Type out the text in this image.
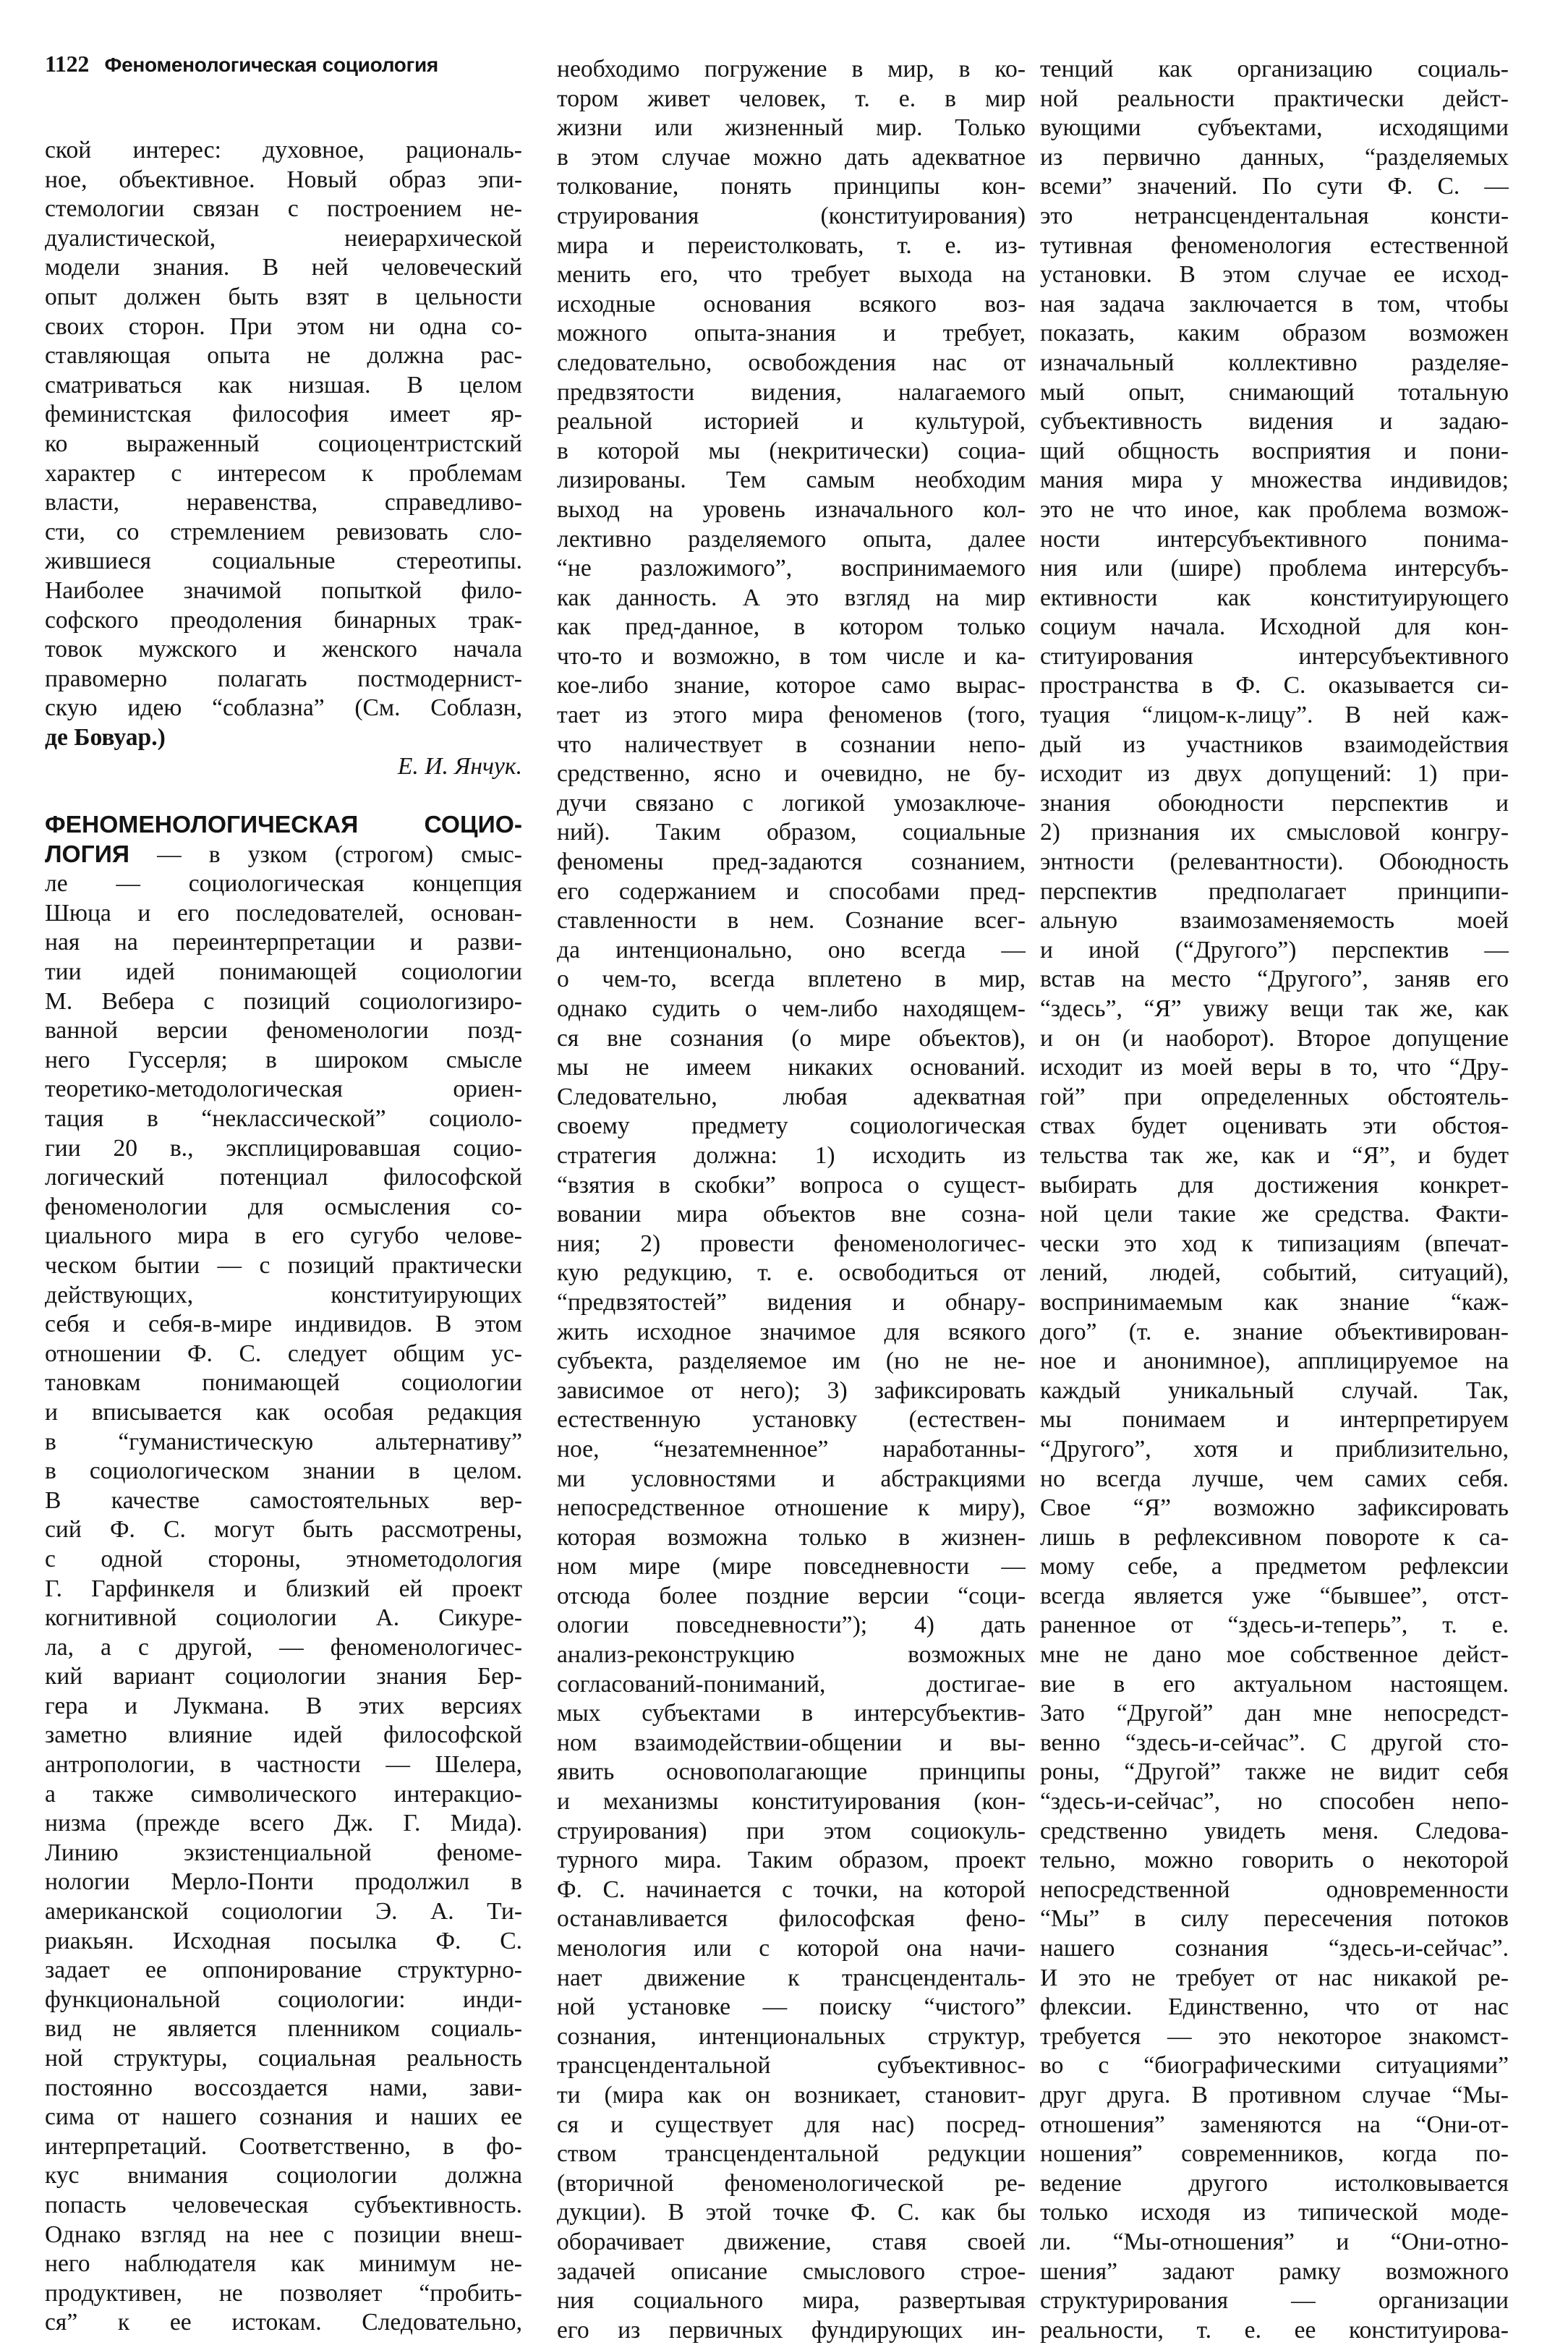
1122 Феноменологическая социология
ской интерес: духовное, рациональ-
ное, объективное. Новый образ эпи-
стемологии связан с построением не-
дуалистической, неиерархической
модели знания. В ней человеческий
опыт должен быть взят в цельности
своих сторон. При этом ни одна со-
ставляющая опыта не должна рас-
сматриваться как низшая. В целом
феминистская философия имеет яр-
ко выраженный социоцентристский
характер с интересом к проблемам
власти, неравенства, справедливо-
сти, со стремлением ревизовать сло-
жившиеся социальные стереотипы.
Наиболее значимой попыткой фило-
софского преодоления бинарных трак-
товок мужского и женского начала
правомерно полагать постмодернист-
скую идею “соблазна” (См. Соблазн,
де Бовуар.)
Е. И. Янчук.
ФЕНОМЕНОЛОГИЧЕСКАЯ СОЦИО-
ЛОГИЯ — в узком (строгом) смыс-
ле — социологическая концепция
Шюца и его последователей, основан-
ная на переинтерпретации и разви-
тии идей понимающей социологии
М. Вебера с позиций социологизиро-
ванной версии феноменологии позд-
него Гуссерля; в широком смысле
теоретико-методологическая ориен-
тация в “неклассической” социоло-
гии 20 в., эксплицировавшая социо-
логический потенциал философской
феноменологии для осмысления со-
циального мира в его сугубо челове-
ческом бытии — с позиций практически
действующих, конституирующих
себя и себя-в-мире индивидов. В этом
отношении Ф. С. следует общим ус-
тановкам понимающей социологии
и вписывается как особая редакция
в “гуманистическую альтернативу”
в социологическом знании в целом.
В качестве самостоятельных вер-
сий Ф. С. могут быть рассмотрены,
с одной стороны, этнометодология
Г. Гарфинкеля и близкий ей проект
когнитивной социологии А. Сикуре-
ла, а с другой, — феноменологичес-
кий вариант социологии знания Бер-
гера и Лукмана. В этих версиях
заметно влияние идей философской
антропологии, в частности — Шелера,
а также символического интеракцио-
низма (прежде всего Дж. Г. Мида).
Линию экзистенциальной феноме-
нологии Мерло-Понти продолжил в
американской социологии Э. А. Ти-
риакьян. Исходная посылка Ф. С.
задает ее оппонирование структурно-
функциональной социологии: инди-
вид не является пленником социаль-
ной структуры, социальная реальность
постоянно воссоздается нами, зави-
сима от нашего сознания и наших ее
интерпретаций. Соответственно, в фо-
кус внимания социологии должна
попасть человеческая субъективность.
Однако взгляд на нее с позиции внеш-
него наблюдателя как минимум не-
продуктивен, не позволяет “пробить-
ся” к ее истокам. Следовательно,
необходимо погружение в мир, в ко-
тором живет человек, т. е. в мир
жизни или жизненный мир. Только
в этом случае можно дать адекватное
толкование, понять принципы кон-
струирования (конституирования)
мира и переистолковать, т. е. из-
менить его, что требует выхода на
исходные основания всякого воз-
можного опыта-знания и требует,
следовательно, освобождения нас от
предвзятости видения, налагаемого
реальной историей и культурой,
в которой мы (некритически) социа-
лизированы. Тем самым необходим
выход на уровень изначального кол-
лективно разделяемого опыта, далее
“не разложимого”, воспринимаемого
как данность. А это взгляд на мир
как пред-данное, в котором только
что-то и возможно, в том числе и ка-
кое-либо знание, которое само вырас-
тает из этого мира феноменов (того,
что наличествует в сознании непо-
средственно, ясно и очевидно, не бу-
дучи связано с логикой умозаключе-
ний). Таким образом, социальные
феномены пред-задаются сознанием,
его содержанием и способами пред-
ставленности в нем. Сознание всег-
да интенционально, оно всегда —
о чем-то, всегда вплетено в мир,
однако судить о чем-либо находящем-
ся вне сознания (о мире объектов),
мы не имеем никаких оснований.
Следовательно, любая адекватная
своему предмету социологическая
стратегия должна: 1) исходить из
“взятия в скобки” вопроса о сущест-
вовании мира объектов вне созна-
ния; 2) провести феноменологичес-
кую редукцию, т. е. освободиться от
“предвзятостей” видения и обнару-
жить исходное значимое для всякого
субъекта, разделяемое им (но не не-
зависимое от него); 3) зафиксировать
естественную установку (естествен-
ное, “незатемненное” наработанны-
ми условностями и абстракциями
непосредственное отношение к миру),
которая возможна только в жизнен-
ном мире (мире повседневности —
отсюда более поздние версии “соци-
ологии повседневности”); 4) дать
анализ-реконструкцию возможных
согласований-пониманий, достигае-
мых субъектами в интерсубъектив-
ном взаимодействии-общении и вы-
явить основополагающие принципы
и механизмы конституирования (кон-
струирования) при этом социокуль-
турного мира. Таким образом, проект
Ф. С. начинается с точки, на которой
останавливается философская фено-
менология или с которой она начи-
нает движение к трансценденталь-
ной установке — поиску “чистого”
сознания, интенциональных структур,
трансцендентальной субъективнос-
ти (мира как он возникает, становит-
ся и существует для нас) посред-
ством трансцендентальной редукции
(вторичной феноменологической ре-
дукции). В этой точке Ф. С. как бы
оборачивает движение, ставя своей
задачей описание смыслового строе-
ния социального мира, развертывая
его из первичных фундирующих ин-
тенций как организацию социаль-
ной реальности практически дейст-
вующими субъектами, исходящими
из первично данных, “разделяемых
всеми” значений. По сути Ф. С. —
это нетрансцендентальная консти-
тутивная феноменология естественной
установки. В этом случае ее исход-
ная задача заключается в том, чтобы
показать, каким образом возможен
изначальный коллективно разделяе-
мый опыт, снимающий тотальную
субъективность видения и задаю-
щий общность восприятия и пони-
мания мира у множества индивидов;
это не что иное, как проблема возмож-
ности интерсубъективного понима-
ния или (шире) проблема интерсубъ-
ективности как конституирующего
социум начала. Исходной для кон-
ституирования интерсубъективного
пространства в Ф. С. оказывается си-
туация “лицом-к-лицу”. В ней каж-
дый из участников взаимодействия
исходит из двух допущений: 1) при-
знания обоюдности перспектив и
2) признания их смысловой конгру-
энтности (релевантности). Обоюдность
перспектив предполагает принципи-
альную взаимозаменяемость моей
и иной (“Другого”) перспектив —
встав на место “Другого”, заняв его
“здесь”, “Я” увижу вещи так же, как
и он (и наоборот). Второе допущение
исходит из моей веры в то, что “Дру-
гой” при определенных обстоятель-
ствах будет оценивать эти обстоя-
тельства так же, как и “Я”, и будет
выбирать для достижения конкрет-
ной цели такие же средства. Факти-
чески это ход к типизациям (впечат-
лений, людей, событий, ситуаций),
воспринимаемым как знание “каж-
дого” (т. е. знание объективирован-
ное и анонимное), апплицируемое на
каждый уникальный случай. Так,
мы понимаем и интерпретируем
“Другого”, хотя и приблизительно,
но всегда лучше, чем самих себя.
Свое “Я” возможно зафиксировать
лишь в рефлексивном повороте к са-
мому себе, а предметом рефлексии
всегда является уже “бывшее”, отст-
раненное от “здесь-и-теперь”, т. е.
мне не дано мое собственное дейст-
вие в его актуальном настоящем.
Зато “Другой” дан мне непосредст-
венно “здесь-и-сейчас”. С другой сто-
роны, “Другой” также не видит себя
“здесь-и-сейчас”, но способен непо-
средственно увидеть меня. Следова-
тельно, можно говорить о некоторой
непосредственной одновременности
“Мы” в силу пересечения потоков
нашего сознания “здесь-и-сейчас”.
И это не требует от нас никакой ре-
флексии. Единственно, что от нас
требуется — это некоторое знакомст-
во с “биографическими ситуациями”
друг друга. В противном случае “Мы-
отношения” заменяются на “Они-от-
ношения” современников, когда по-
ведение другого истолковывается
только исходя из типической моде-
ли. “Мы-отношения” и “Они-отно-
шения” задают рамку возможного
структурирования — организации
реальности, т. е. ее конституирова-
